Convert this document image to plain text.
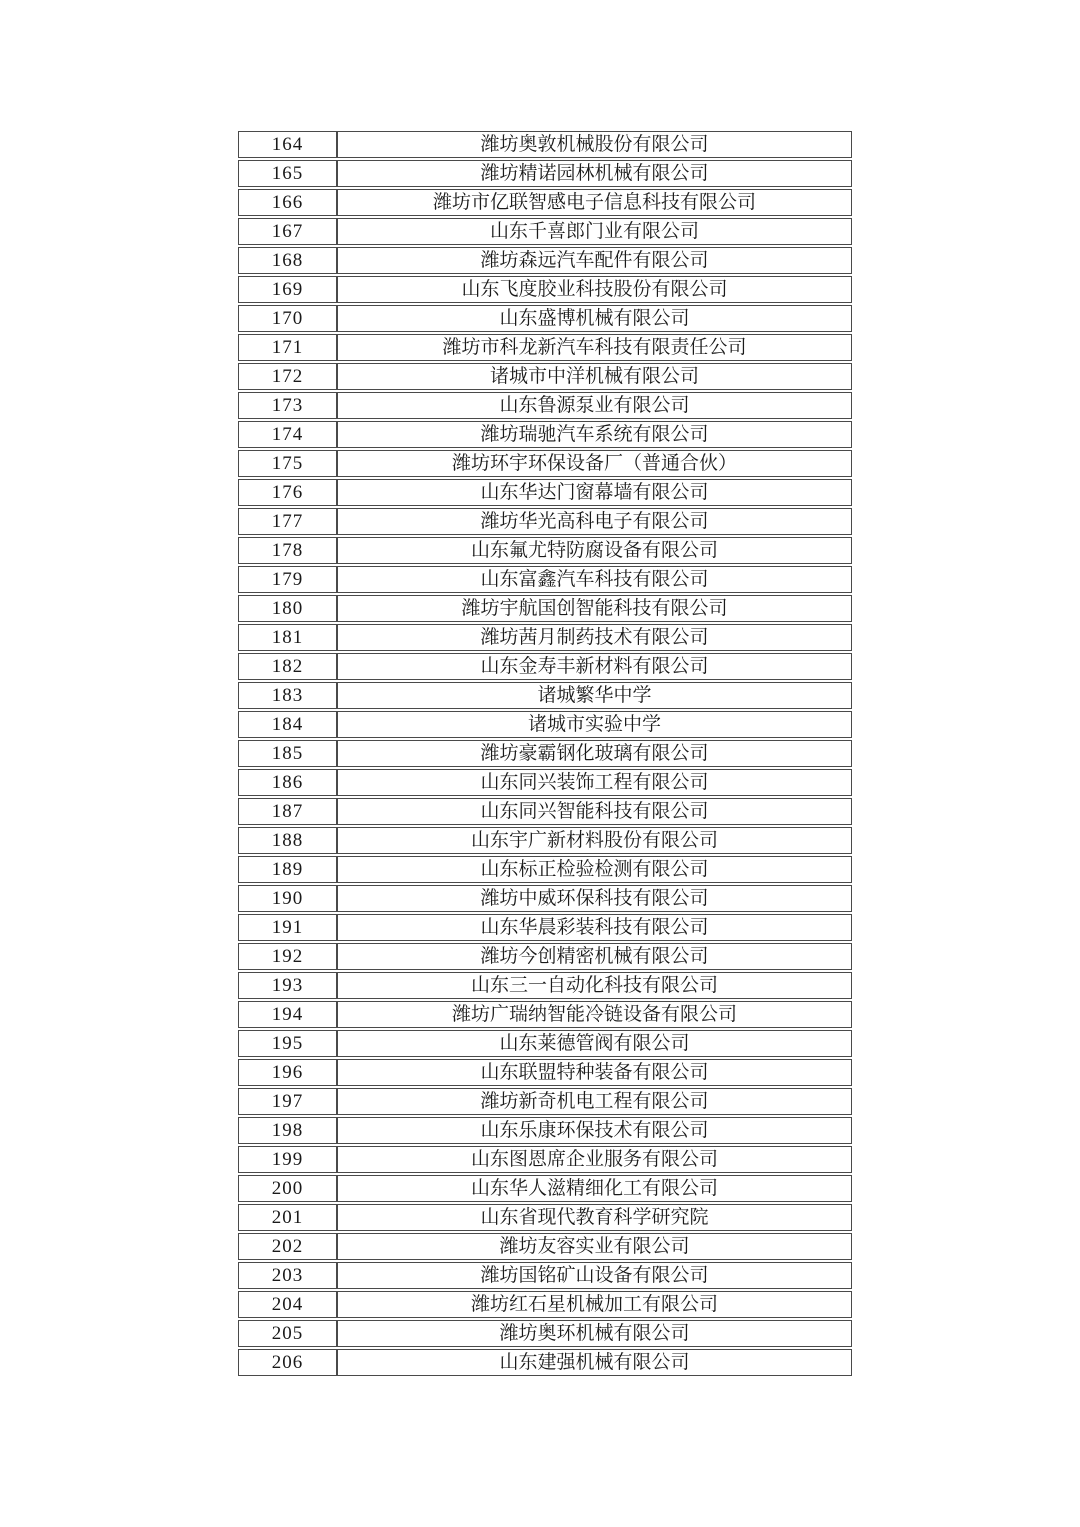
164	潍坊奥敦机械股份有限公司
165	潍坊精诺园林机械有限公司
166	潍坊市亿联智感电子信息科技有限公司
167	山东千喜郎门业有限公司
168	潍坊森远汽车配件有限公司
169	山东飞度胶业科技股份有限公司
170	山东盛博机械有限公司
171	潍坊市科龙新汽车科技有限责任公司
172	诸城市中洋机械有限公司
173	山东鲁源泵业有限公司
174	潍坊瑞驰汽车系统有限公司
175	潍坊环宇环保设备厂（普通合伙）
176	山东华达门窗幕墙有限公司
177	潍坊华光高科电子有限公司
178	山东氟尤特防腐设备有限公司
179	山东富鑫汽车科技有限公司
180	潍坊宇航国创智能科技有限公司
181	潍坊茜月制药技术有限公司
182	山东金寿丰新材料有限公司
183	诸城繁华中学
184	诸城市实验中学
185	潍坊豪霸钢化玻璃有限公司
186	山东同兴装饰工程有限公司
187	山东同兴智能科技有限公司
188	山东宇广新材料股份有限公司
189	山东标正检验检测有限公司
190	潍坊中威环保科技有限公司
191	山东华晨彩装科技有限公司
192	潍坊今创精密机械有限公司
193	山东三一自动化科技有限公司
194	潍坊广瑞纳智能冷链设备有限公司
195	山东莱德管阀有限公司
196	山东联盟特种装备有限公司
197	潍坊新奇机电工程有限公司
198	山东乐康环保技术有限公司
199	山东图恩席企业服务有限公司
200	山东华人滋精细化工有限公司
201	山东省现代教育科学研究院
202	潍坊友容实业有限公司
203	潍坊国铭矿山设备有限公司
204	潍坊红石星机械加工有限公司
205	潍坊奥环机械有限公司
206	山东建强机械有限公司
